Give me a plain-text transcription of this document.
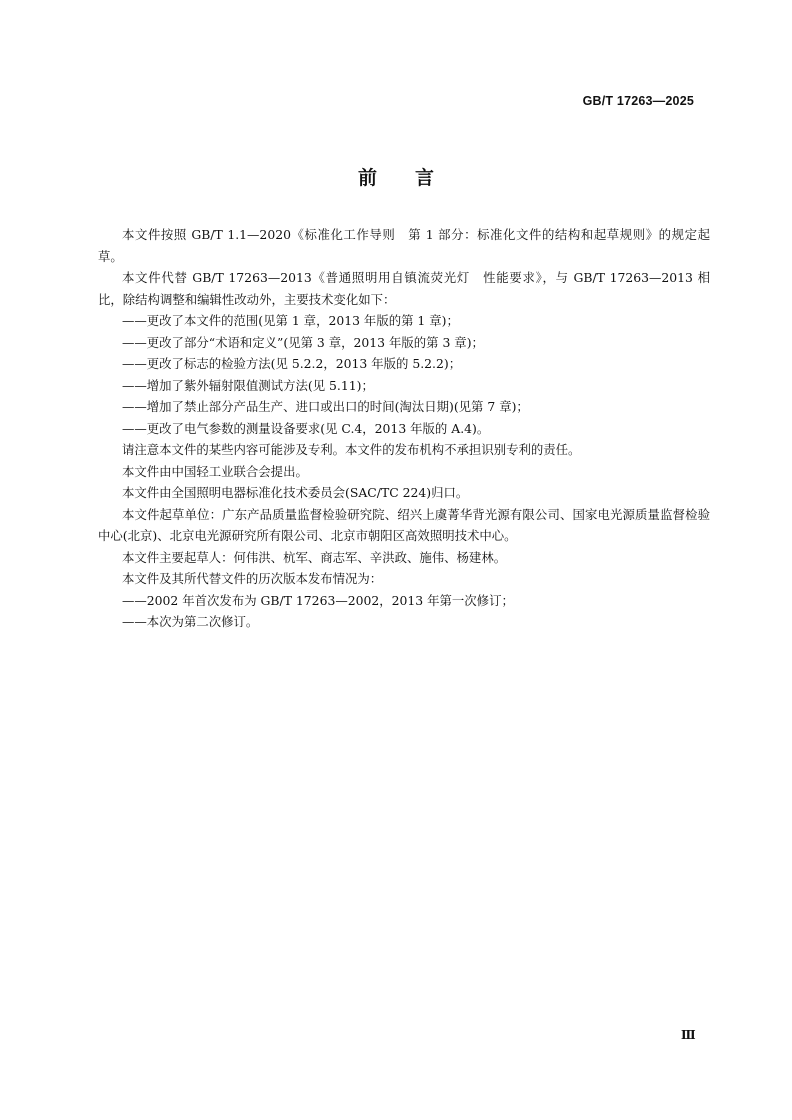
GB/T 17263—2025
前言

本文件按照 GB/T 1.1—2020《标准化工作导则　第 1 部分：标准化文件的结构和起草规则》的规定起草。

本文件代替 GB/T 17263—2013《普通照明用自镇流荧光灯　性能要求》，与 GB/T 17263—2013 相比，除结构调整和编辑性改动外，主要技术变化如下：

——更改了本文件的范围(见第 1 章，2013 年版的第 1 章)；

——更改了部分“术语和定义”(见第 3 章，2013 年版的第 3 章)；

——更改了标志的检验方法(见 5.2.2，2013 年版的 5.2.2)；

——增加了紫外辐射限值测试方法(见 5.11)；

——增加了禁止部分产品生产、进口或出口的时间(淘汰日期)(见第 7 章)；

——更改了电气参数的测量设备要求(见 C.4，2013 年版的 A.4)。

请注意本文件的某些内容可能涉及专利。本文件的发布机构不承担识别专利的责任。

本文件由中国轻工业联合会提出。

本文件由全国照明电器标准化技术委员会(SAC/TC 224)归口。

本文件起草单位：广东产品质量监督检验研究院、绍兴上虞菁华背光源有限公司、国家电光源质量监督检验中心(北京)、北京电光源研究所有限公司、北京市朝阳区高效照明技术中心。

本文件主要起草人：何伟洪、杭军、商志军、辛洪政、施伟、杨建林。

本文件及其所代替文件的历次版本发布情况为：

——2002 年首次发布为 GB/T 17263—2002，2013 年第一次修订；

——本次为第二次修订。

Ⅲ
